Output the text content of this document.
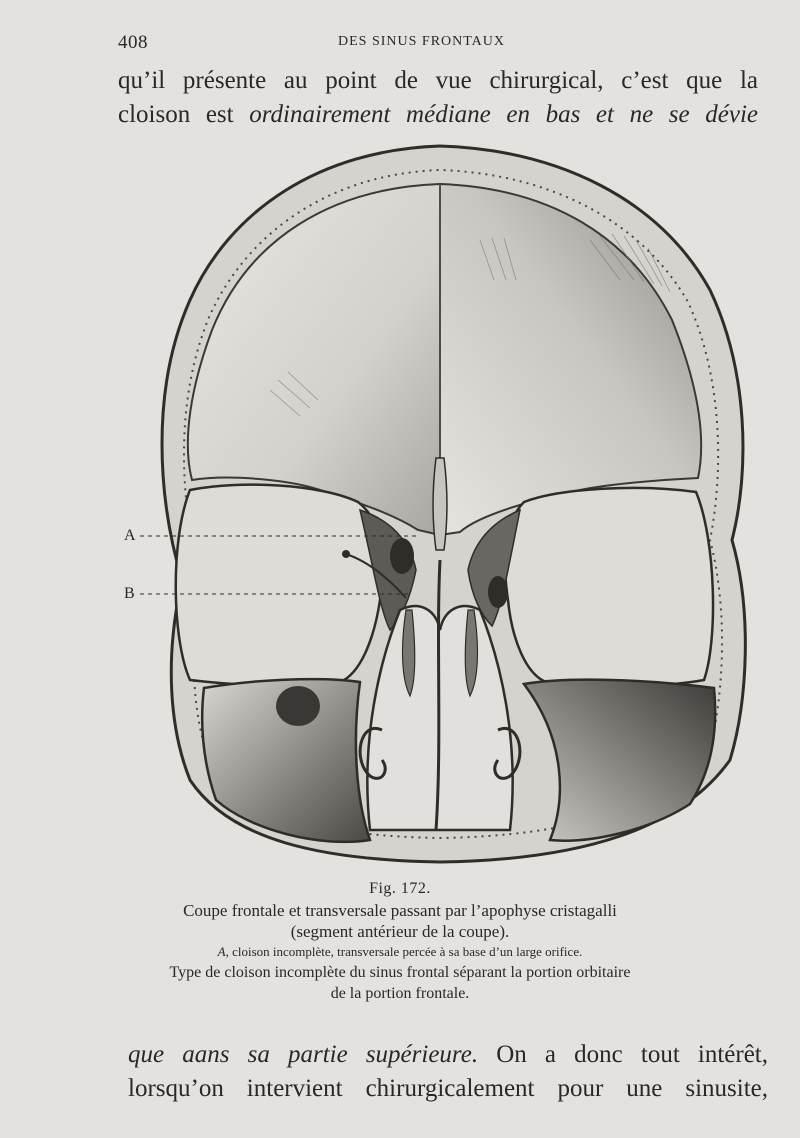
408	DES SINUS FRONTAUX
qu’il présente au point de vue chirurgical, c’est que la
cloison est ordinairement médiane en bas et ne se dévie
A
B
Fig. 172.
Coupe frontale et transversale passant par l’apophyse cristagalli
(segment antérieur de la coupe).
A, cloison incomplète, transversale percée à sa base d’un large orifice.
Type de cloison incomplète du sinus frontal séparant la portion orbitaire
de la portion frontale.
que aans sa partie supérieure. On a donc tout intérêt,
lorsqu’on intervient chirurgicalement pour une sinusite,
